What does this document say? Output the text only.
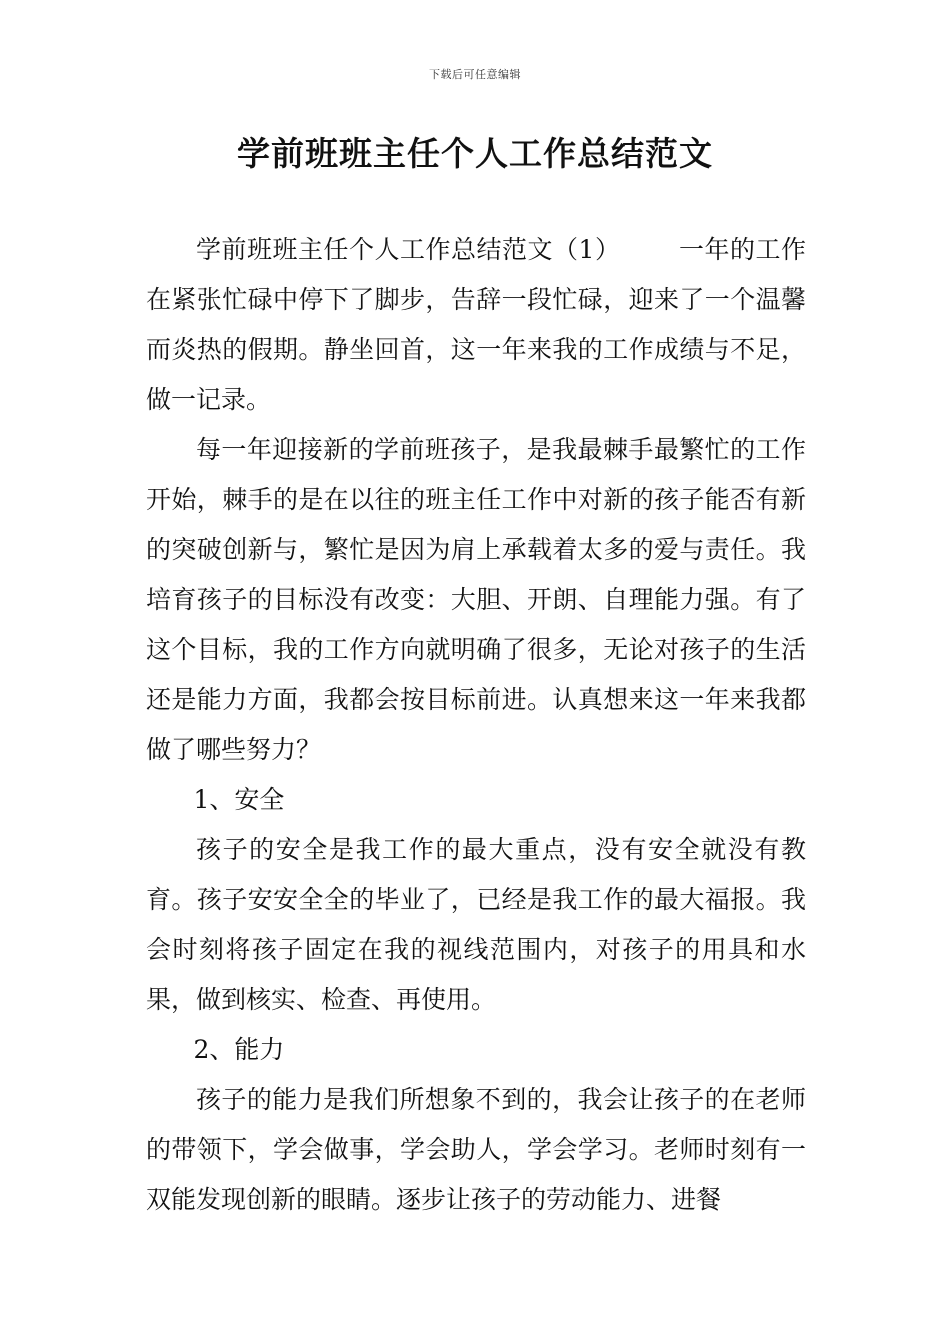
下载后可任意编辑
学前班班主任个人工作总结范文

学前班班主任个人工作总结范文（1） 一年的工作在紧张忙碌中停下了脚步，告辞一段忙碌，迎来了一个温馨而炎热的假期。静坐回首，这一年来我的工作成绩与不足，做一记录。

每一年迎接新的学前班孩子，是我最棘手最繁忙的工作开始，棘手的是在以往的班主任工作中对新的孩子能否有新的突破创新与，繁忙是因为肩上承载着太多的爱与责任。我培育孩子的目标没有改变：大胆、开朗、自理能力强。有了这个目标，我的工作方向就明确了很多，无论对孩子的生活还是能力方面，我都会按目标前进。认真想来这一年来我都做了哪些努力？

1、安全

孩子的安全是我工作的最大重点，没有安全就没有教育。孩子安安全全的毕业了，已经是我工作的最大福报。我会时刻将孩子固定在我的视线范围内，对孩子的用具和水果，做到核实、检查、再使用。

2、能力

孩子的能力是我们所想象不到的，我会让孩子的在老师的带领下，学会做事，学会助人，学会学习。老师时刻有一双能发现创新的眼睛。逐步让孩子的劳动能力、进餐
